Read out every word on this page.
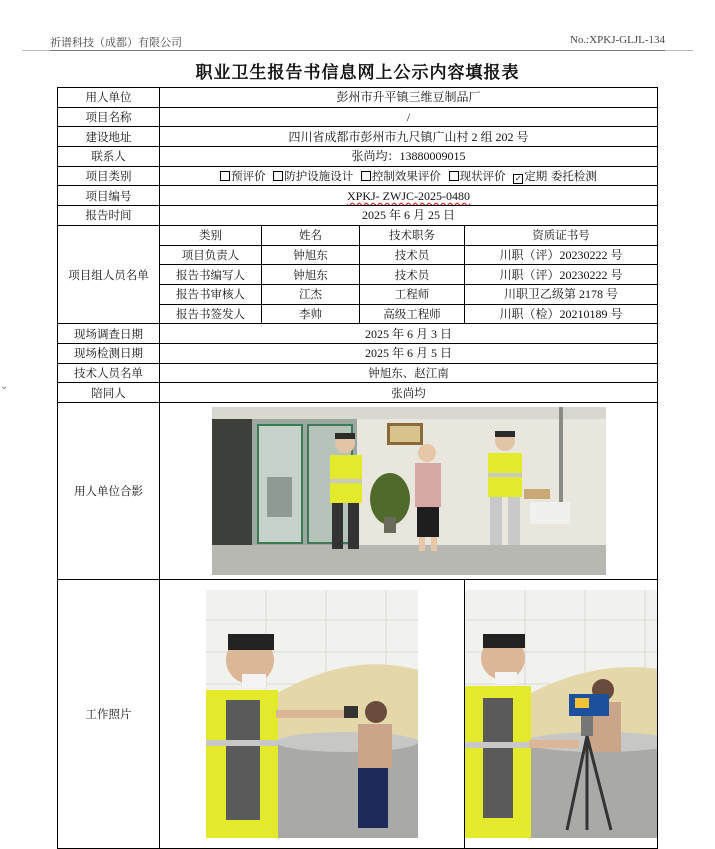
祈谱科技（成都）有限公司	No.:XPKJ-GLJL-134
⌄
职业卫生报告书信息网上公示内容填报表
用人单位	彭州市升平镇三维豆制品厂			
项目名称	/			
建设地址	四川省成都市彭州市九尺镇广山村 2 组 202 号			
联系人	张尚均：13880009015			
项目类别	预评价 防护设施设计 控制效果评价 现状评价 ✓ 定期 委托检测			
项目编号	XPKJ- ZWJC-2025-0480			
报告时间	2025 年 6 月 25 日			
项目组人员名单	类别	姓名	技术职务	资质证书号
	项目负责人	钟旭东	技术员	川职（评）20230222 号
	报告书编写人	钟旭东	技术员	川职（评）20230222 号
	报告书审核人	江杰	工程师	川职卫乙级第 2178 号
	报告书签发人	李帅	高级工程师	川职（检）20210189 号
现场调查日期	2025 年 6 月 3 日			
现场检测日期	2025 年 6 月 5 日			
技术人员名单	钟旭东、赵江南			
陪同人	张尚均			
用人单位合影	

工作照片	
